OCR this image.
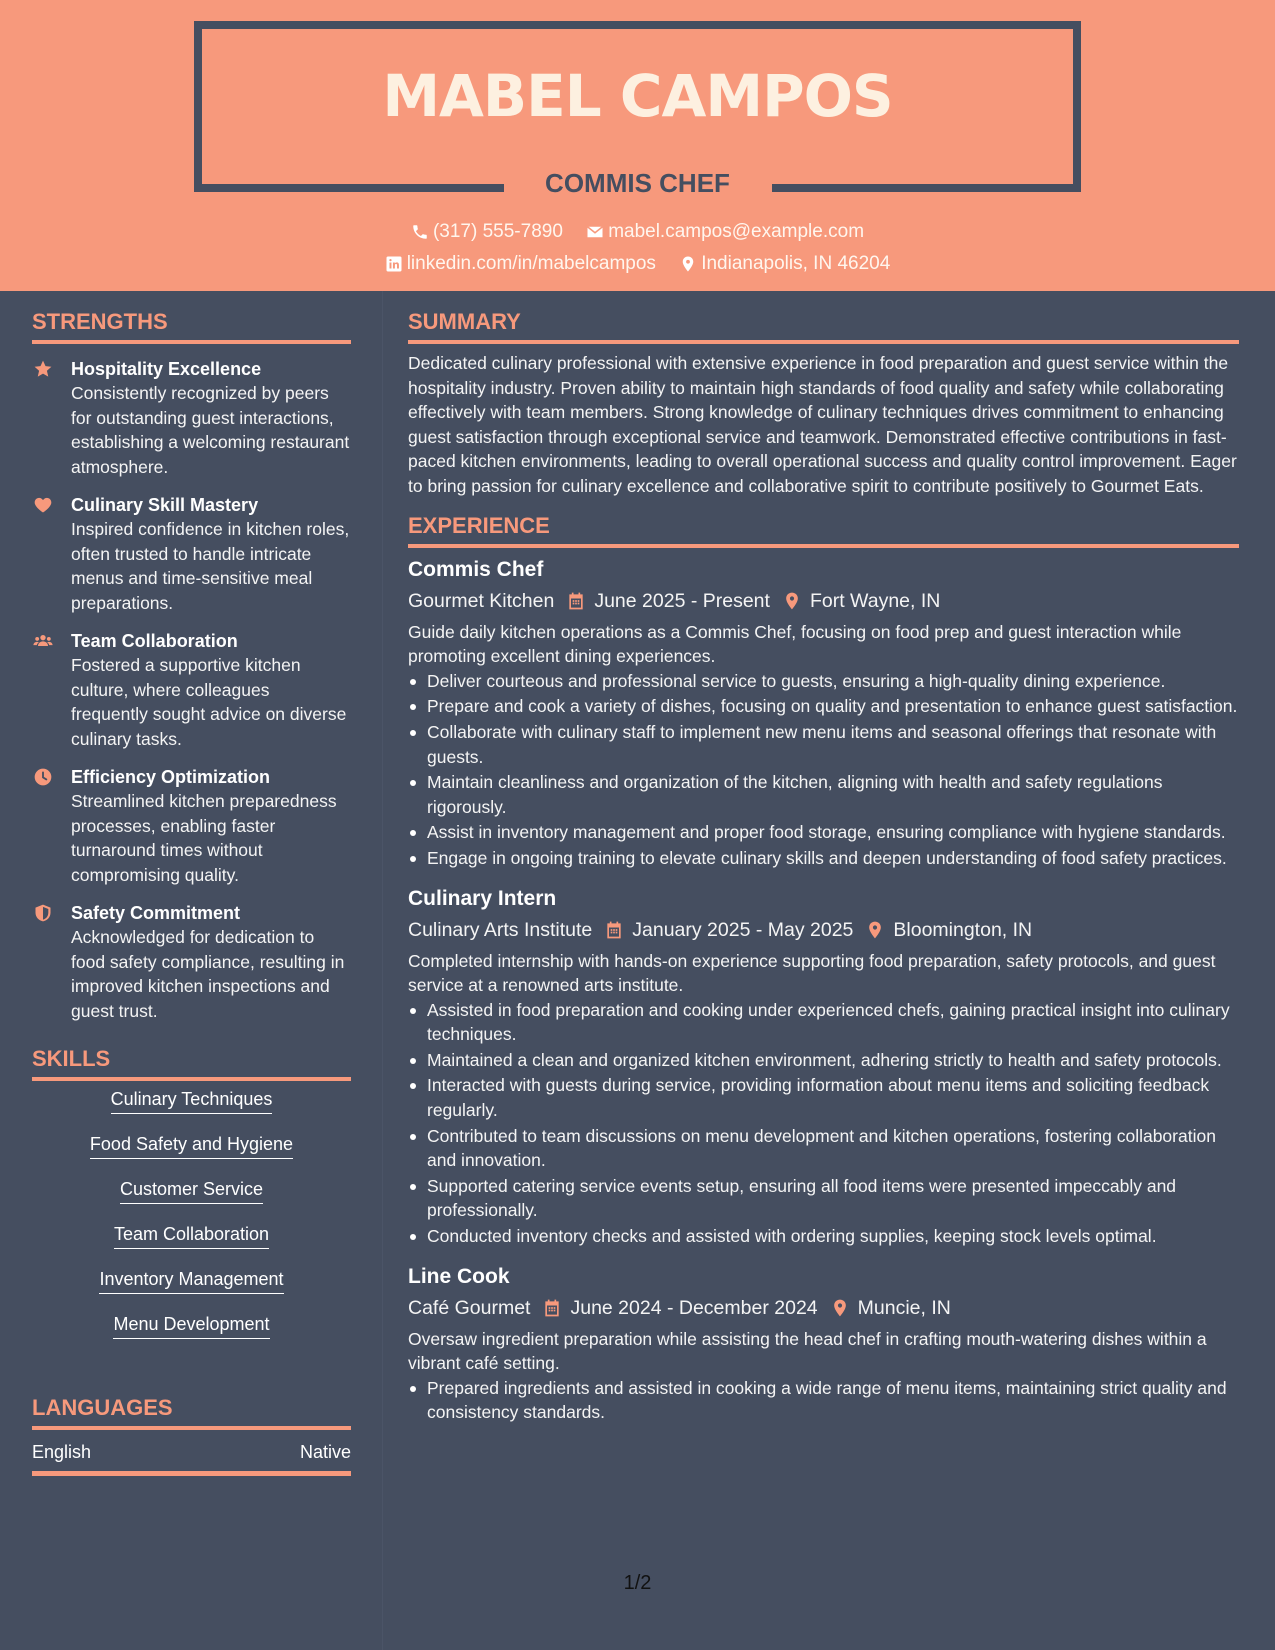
MABEL CAMPOS
COMMIS CHEF
(317) 555-7890
mabel.campos@example.com
linkedin.com/in/mabelcampos
Indianapolis, IN 46204
STRENGTHS
Hospitality Excellence
Consistently recognized by peers for outstanding guest interactions, establishing a welcoming restaurant atmosphere.
Culinary Skill Mastery
Inspired confidence in kitchen roles, often trusted to handle intricate menus and time-sensitive meal preparations.
Team Collaboration
Fostered a supportive kitchen culture, where colleagues frequently sought advice on diverse culinary tasks.
Efficiency Optimization
Streamlined kitchen preparedness processes, enabling faster turnaround times without compromising quality.
Safety Commitment
Acknowledged for dedication to food safety compliance, resulting in improved kitchen inspections and guest trust.
SKILLS
Culinary Techniques
Food Safety and Hygiene
Customer Service
Team Collaboration
Inventory Management
Menu Development
LANGUAGES
English	Native
SUMMARY
Dedicated culinary professional with extensive experience in food preparation and guest service within the hospitality industry. Proven ability to maintain high standards of food quality and safety while collaborating effectively with team members. Strong knowledge of culinary techniques drives commitment to enhancing guest satisfaction through exceptional service and teamwork. Demonstrated effective contributions in fast-paced kitchen environments, leading to overall operational success and quality control improvement. Eager to bring passion for culinary excellence and collaborative spirit to contribute positively to Gourmet Eats.
EXPERIENCE
Commis Chef
Gourmet Kitchen June 2025 - Present Fort Wayne, IN
Guide daily kitchen operations as a Commis Chef, focusing on food prep and guest interaction while promoting excellent dining experiences.
Deliver courteous and professional service to guests, ensuring a high-quality dining experience.
Prepare and cook a variety of dishes, focusing on quality and presentation to enhance guest satisfaction.
Collaborate with culinary staff to implement new menu items and seasonal offerings that resonate with guests.
Maintain cleanliness and organization of the kitchen, aligning with health and safety regulations rigorously.
Assist in inventory management and proper food storage, ensuring compliance with hygiene standards.
Engage in ongoing training to elevate culinary skills and deepen understanding of food safety practices.
Culinary Intern
Culinary Arts Institute January 2025 - May 2025 Bloomington, IN
Completed internship with hands-on experience supporting food preparation, safety protocols, and guest service at a renowned arts institute.
Assisted in food preparation and cooking under experienced chefs, gaining practical insight into culinary techniques.
Maintained a clean and organized kitchen environment, adhering strictly to health and safety protocols.
Interacted with guests during service, providing information about menu items and soliciting feedback regularly.
Contributed to team discussions on menu development and kitchen operations, fostering collaboration and innovation.
Supported catering service events setup, ensuring all food items were presented impeccably and professionally.
Conducted inventory checks and assisted with ordering supplies, keeping stock levels optimal.
Line Cook
Café Gourmet June 2024 - December 2024 Muncie, IN
Oversaw ingredient preparation while assisting the head chef in crafting mouth-watering dishes within a vibrant café setting.
Prepared ingredients and assisted in cooking a wide range of menu items, maintaining strict quality and consistency standards.
1/2
